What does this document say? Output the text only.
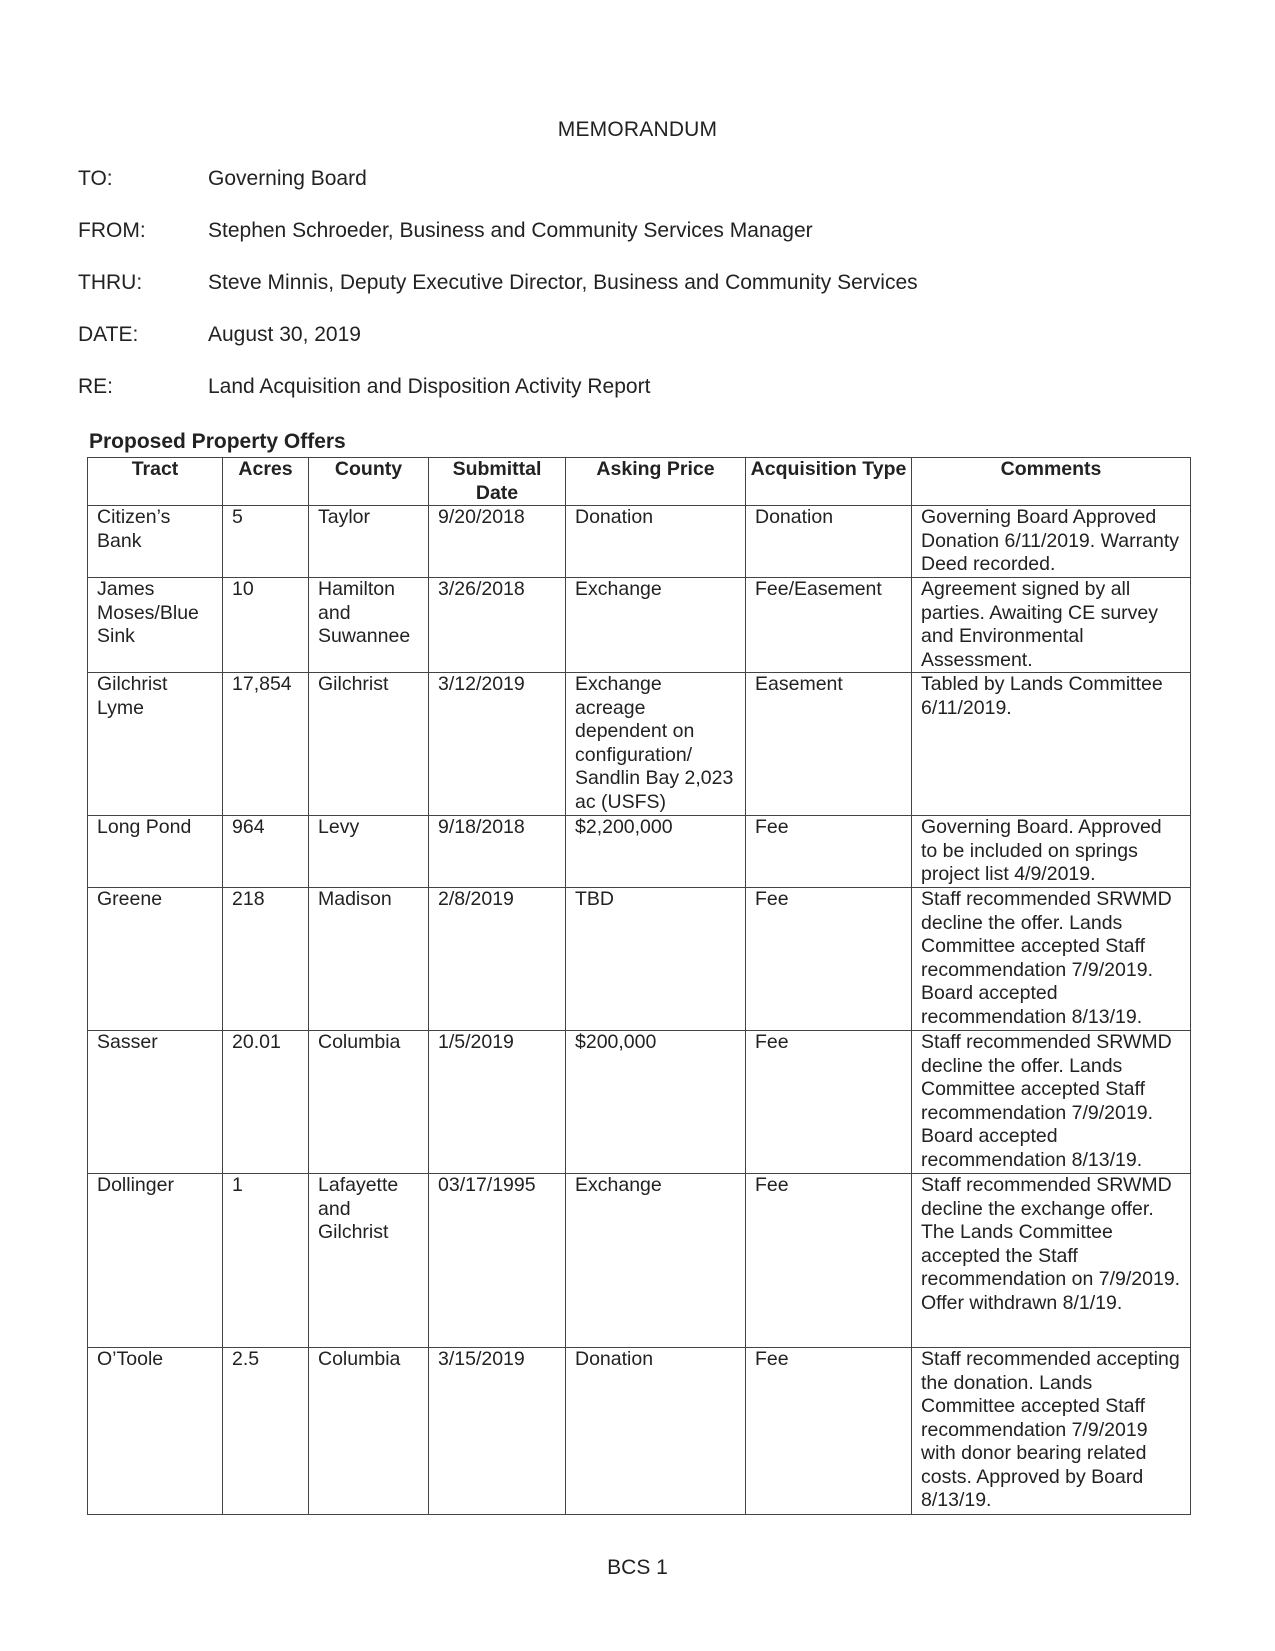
MEMORANDUM
TO:	Governing Board
FROM:	Stephen Schroeder, Business and Community Services Manager
THRU:	Steve Minnis, Deputy Executive Director, Business and Community Services
DATE:	August 30, 2019
RE:	Land Acquisition and Disposition Activity Report
Proposed Property Offers
Tract	Acres	County	Submittal Date	Asking Price	Acquisition Type	Comments
Citizen’s Bank	5	Taylor	9/20/2018	Donation	Donation	Governing Board Approved Donation 6/11/2019. Warranty Deed recorded.
James Moses/Blue Sink	10	Hamilton and Suwannee	3/26/2018	Exchange	Fee/Easement	Agreement signed by all parties. Awaiting CE survey and Environmental Assessment.
Gilchrist Lyme	17,854	Gilchrist	3/12/2019	Exchange acreage dependent on configuration/ Sandlin Bay 2,023 ac (USFS)	Easement	Tabled by Lands Committee 6/11/2019.
Long Pond	964	Levy	9/18/2018	$2,200,000	Fee	Governing Board. Approved to be included on springs project list 4/9/2019.
Greene	218	Madison	2/8/2019	TBD	Fee	Staff recommended SRWMD decline the offer. Lands Committee accepted Staff recommendation 7/9/2019. Board accepted recommendation 8/13/19.
Sasser	20.01	Columbia	1/5/2019	$200,000	Fee	Staff recommended SRWMD decline the offer. Lands Committee accepted Staff recommendation 7/9/2019. Board accepted recommendation 8/13/19.
Dollinger	1	Lafayette and Gilchrist	03/17/1995	Exchange	Fee	Staff recommended SRWMD decline the exchange offer. The Lands Committee accepted the Staff recommendation on 7/9/2019. Offer withdrawn 8/1/19.
O’Toole	2.5	Columbia	3/15/2019	Donation	Fee	Staff recommended accepting the donation. Lands Committee accepted Staff recommendation 7/9/2019 with donor bearing related costs. Approved by Board 8/13/19.
BCS 1
